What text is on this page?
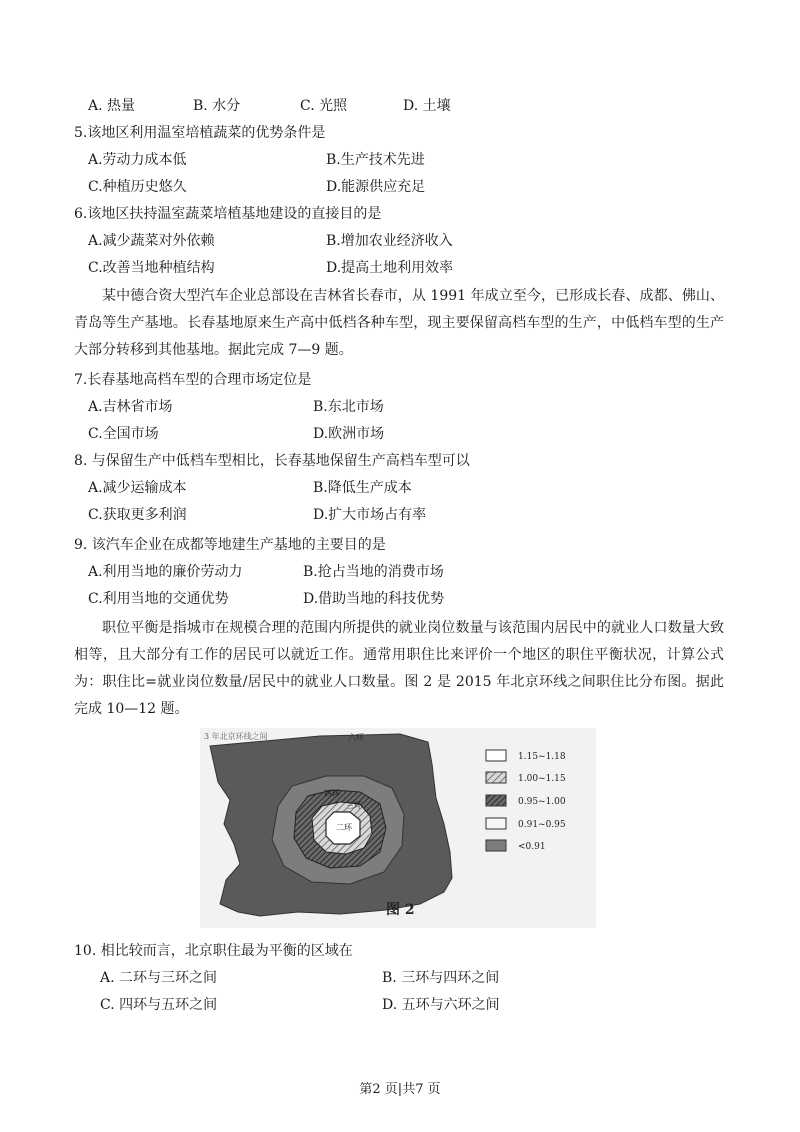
A. 热量	B. 水分	C. 光照	D. 土壤
5.该地区利用温室培植蔬菜的优势条件是
A.劳动力成本低	B.生产技术先进
C.种植历史悠久	D.能源供应充足
6.该地区扶持温室蔬菜培植基地建设的直接目的是
A.减少蔬菜对外依赖	B.增加农业经济收入
C.改善当地种植结构	D.提高土地利用效率
某中德合资大型汽车企业总部设在吉林省长春市，从 1991 年成立至今，已形成长春、成都、佛山、青岛等生产基地。长春基地原来生产高中低档各种车型，现主要保留高档车型的生产，中低档车型的生产大部分转移到其他基地。据此完成 7—9 题。
7.长春基地高档车型的合理市场定位是
A.吉林省市场	B.东北市场
C.全国市场	D.欧洲市场
8. 与保留生产中低档车型相比，长春基地保留生产高档车型可以
A.减少运输成本	B.降低生产成本
C.获取更多利润	D.扩大市场占有率
9. 该汽车企业在成都等地建生产基地的主要目的是
A.利用当地的廉价劳动力	B.抢占当地的消费市场
C.利用当地的交通优势	D.借助当地的科技优势
职位平衡是指城市在规模合理的范围内所提供的就业岗位数量与该范围内居民中的就业人口数量大致相等，且大部分有工作的居民可以就近工作。通常用职住比来评价一个地区的职住平衡状况，计算公式为：职住比=就业岗位数量/居民中的就业人口数量。图 2 是 2015 年北京环线之间职住比分布图。据此完成 10—12 题。
六环
四环
三环
二环
3 年北京环线之间
1.15~1.18
1.00~1.15
0.95~1.00
0.91~0.95
<0.91
图 2
10. 相比较而言，北京职住最为平衡的区域在
A. 二环与三环之间	B. 三环与四环之间
C. 四环与五环之间	D. 五环与六环之间
第2 页|共7 页
